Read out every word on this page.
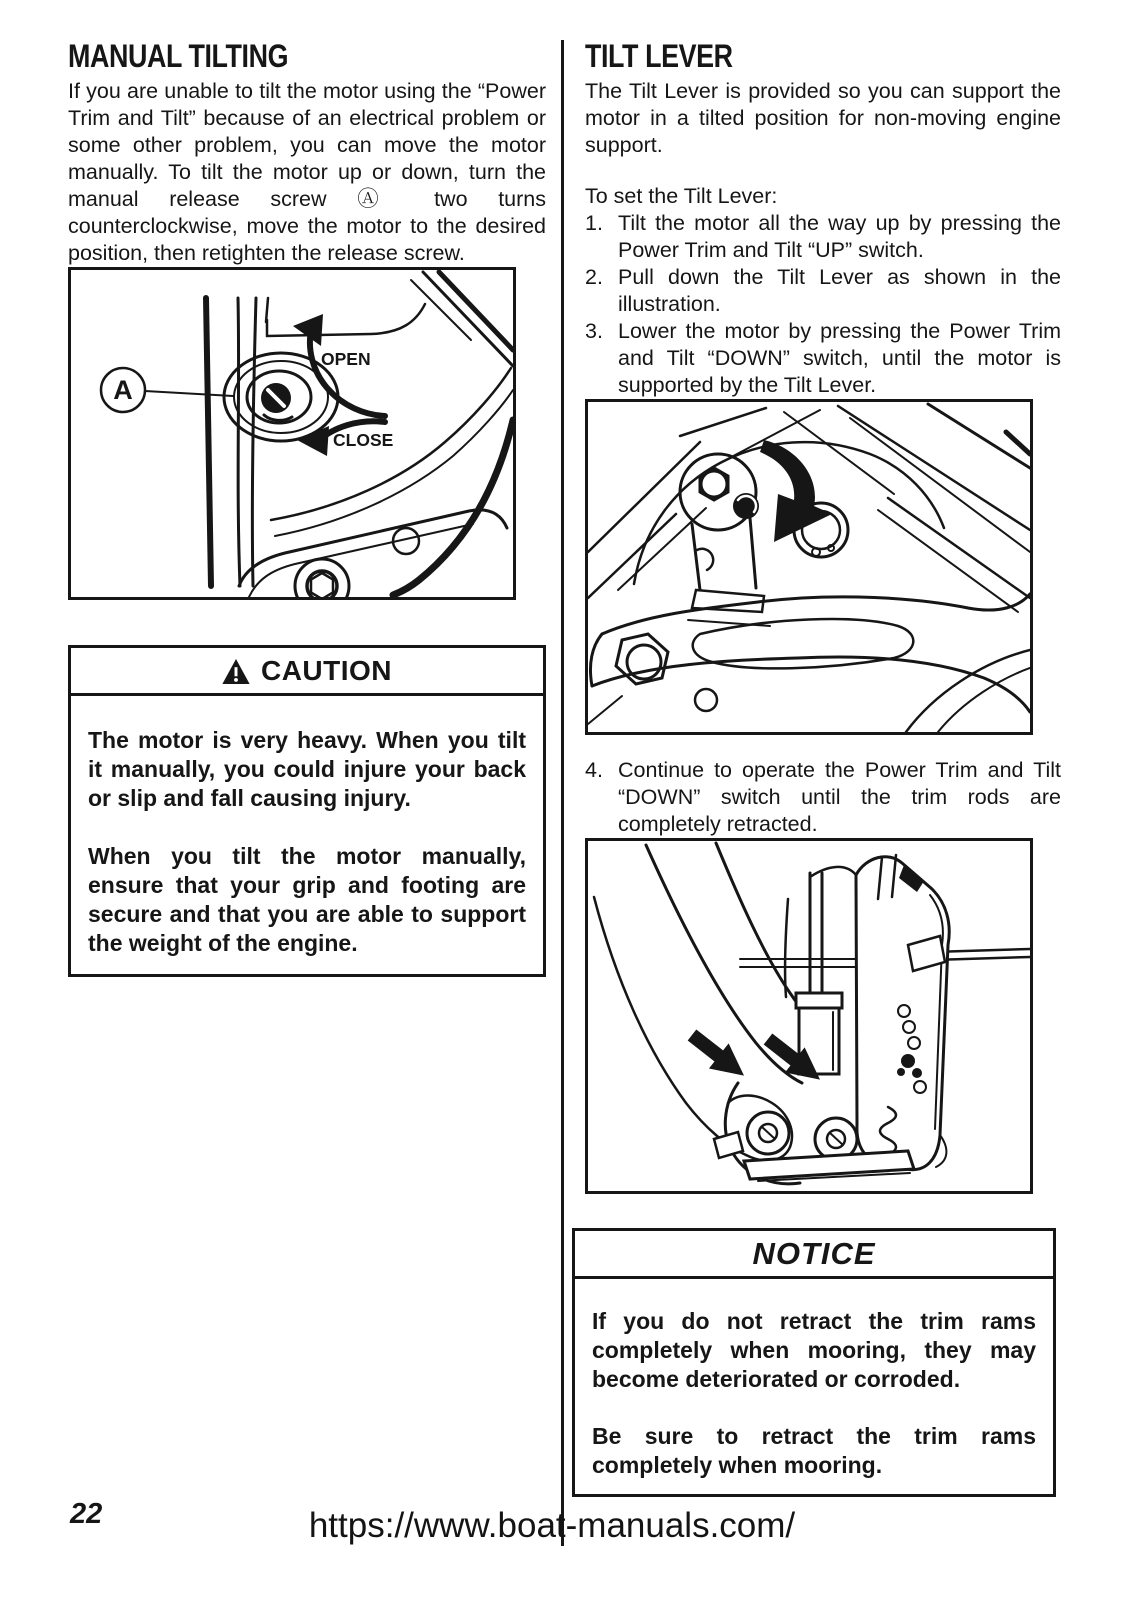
MANUAL TILTING

If you are unable to tilt the motor using the “Power Trim and Tilt” because of an electrical problem or some other problem, you can move the motor manually. To tilt the motor up or down, turn the manual release screw Ⓐ two turns counterclockwise, move the motor to the desired position, then retighten the release screw.

A
OPEN
CLOSE
CAUTION

The motor is very heavy. When you tilt it manually, you could injure your back or slip and fall causing injury.

When you tilt the motor manually, ensure that your grip and footing are secure and that you are able to support the weight of the engine.

TILT LEVER

The Tilt Lever is provided so you can support the motor in a tilted position for non-moving engine support.

To set the Tilt Lever:

1. Tilt the motor all the way up by pressing the Power Trim and Tilt “UP” switch.
2. Pull down the Tilt Lever as shown in the illustration.
3. Lower the motor by pressing the Power Trim and Tilt “DOWN” switch, until the motor is supported by the Tilt Lever.
4. Continue to operate the Power Trim and Tilt “DOWN” switch until the trim rods are completely retracted.
NOTICE

If you do not retract the trim rams completely when mooring, they may become deteriorated or corroded.

Be sure to retract the trim rams completely when mooring.

22	https://www.boat-manuals.com/
